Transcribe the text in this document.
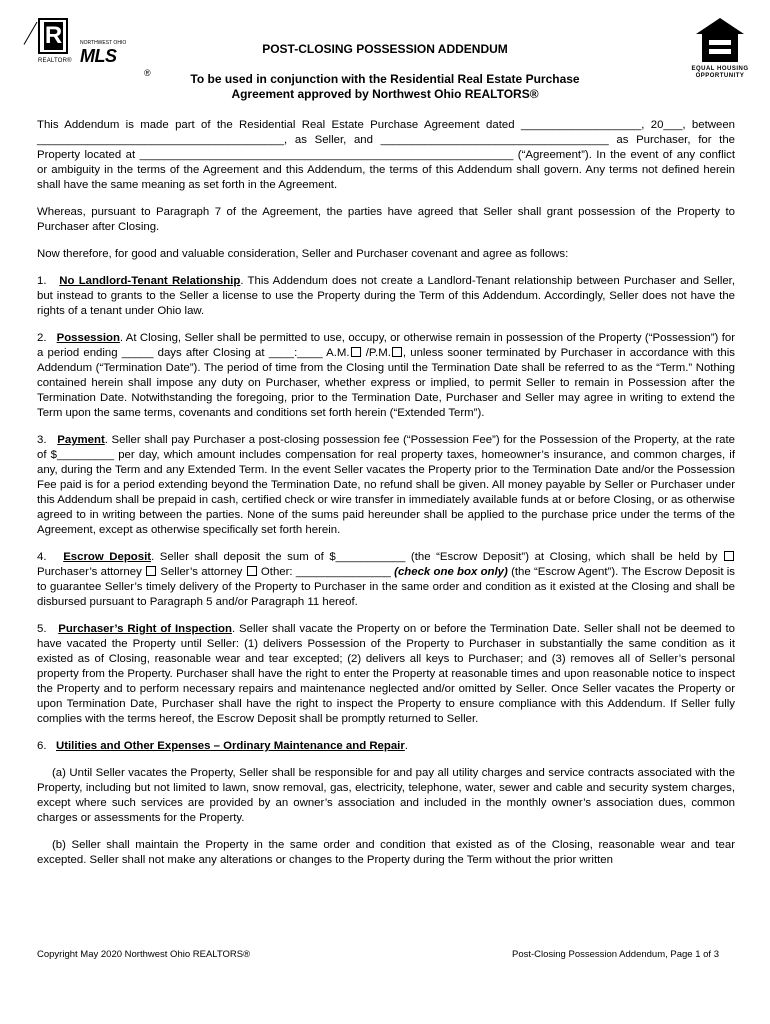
R
REALTOR®
NORTHWEST OHIO
MLS
®	EQUAL HOUSING
OPPORTUNITY
POST-CLOSING POSSESSION ADDENDUM
To be used in conjunction with the Residential Real Estate Purchase
Agreement approved by Northwest Ohio REALTORS®

This Addendum is made part of the Residential Real Estate Purchase Agreement dated ___________________, 20___, between _______________________________________, as Seller, and ____________________________________ as Purchaser, for the Property located at ___________________________________________________________ (“Agreement”). In the event of any conflict or ambiguity in the terms of the Agreement and this Addendum, the terms of this Addendum shall govern. Any terms not defined herein shall have the same meaning as set forth in the Agreement.

Whereas, pursuant to Paragraph 7 of the Agreement, the parties have agreed that Seller shall grant possession of the Property to Purchaser after Closing.

Now therefore, for good and valuable consideration, Seller and Purchaser covenant and agree as follows:

1. No Landlord-Tenant Relationship. This Addendum does not create a Landlord-Tenant relationship between Purchaser and Seller, but instead to grants to the Seller a license to use the Property during the Term of this Addendum. Accordingly, Seller does not have the rights of a tenant under Ohio law.

2. Possession. At Closing, Seller shall be permitted to use, occupy, or otherwise remain in possession of the Property (“Possession”) for a period ending _____ days after Closing at ____:____ A.M. /P.M. , unless sooner terminated by Purchaser in accordance with this Addendum (“Termination Date”). The period of time from the Closing until the Termination Date shall be referred to as the “Term.” Nothing contained herein shall impose any duty on Purchaser, whether express or implied, to permit Seller to remain in Possession after the Termination Date. Notwithstanding the foregoing, prior to the Termination Date, Purchaser and Seller may agree in writing to extend the Term upon the same terms, covenants and conditions set forth herein (“Extended Term”).

3. Payment. Seller shall pay Purchaser a post-closing possession fee (“Possession Fee”) for the Possession of the Property, at the rate of $_________ per day, which amount includes compensation for real property taxes, homeowner’s insurance, and common charges, if any, during the Term and any Extended Term. In the event Seller vacates the Property prior to the Termination Date and/or the Possession Fee paid is for a period extending beyond the Termination Date, no refund shall be given. All money payable by Seller or Purchaser under this Addendum shall be prepaid in cash, certified check or wire transfer in immediately available funds at or before Closing, or as otherwise agreed to in writing between the parties. None of the sums paid hereunder shall be applied to the purchase price under the terms of the Agreement, except as otherwise specifically set forth herein.

4. Escrow Deposit. Seller shall deposit the sum of $___________ (the “Escrow Deposit”) at Closing, which shall be held by  Purchaser’s attorney  Seller’s attorney  Other: _______________ (check one box only) (the “Escrow Agent”). The Escrow Deposit is to guarantee Seller’s timely delivery of the Property to Purchaser in the same order and condition as it existed at the Closing and shall be disbursed pursuant to Paragraph 5 and/or Paragraph 11 hereof.

5. Purchaser’s Right of Inspection. Seller shall vacate the Property on or before the Termination Date. Seller shall not be deemed to have vacated the Property until Seller: (1) delivers Possession of the Property to Purchaser in substantially the same condition as it existed as of Closing, reasonable wear and tear excepted; (2) delivers all keys to Purchaser; and (3) removes all of Seller’s personal property from the Property. Purchaser shall have the right to enter the Property at reasonable times and upon reasonable notice to inspect the Property and to perform necessary repairs and maintenance neglected and/or omitted by Seller. Once Seller vacates the Property or upon Termination Date, Purchaser shall have the right to inspect the Property to ensure compliance with this Addendum. If Seller fully complies with the terms hereof, the Escrow Deposit shall be promptly returned to Seller.

6. Utilities and Other Expenses – Ordinary Maintenance and Repair.

(a) Until Seller vacates the Property, Seller shall be responsible for and pay all utility charges and service contracts associated with the Property, including but not limited to lawn, snow removal, gas, electricity, telephone, water, sewer and cable and security system charges, except where such services are provided by an owner’s association and included in the monthly owner’s association dues, common charges or assessments for the Property.

(b) Seller shall maintain the Property in the same order and condition that existed as of the Closing, reasonable wear and tear excepted. Seller shall not make any alterations or changes to the Property during the Term without the prior written

Copyright May 2020 Northwest Ohio REALTORS®	Post-Closing Possession Addendum, Page 1 of 3
